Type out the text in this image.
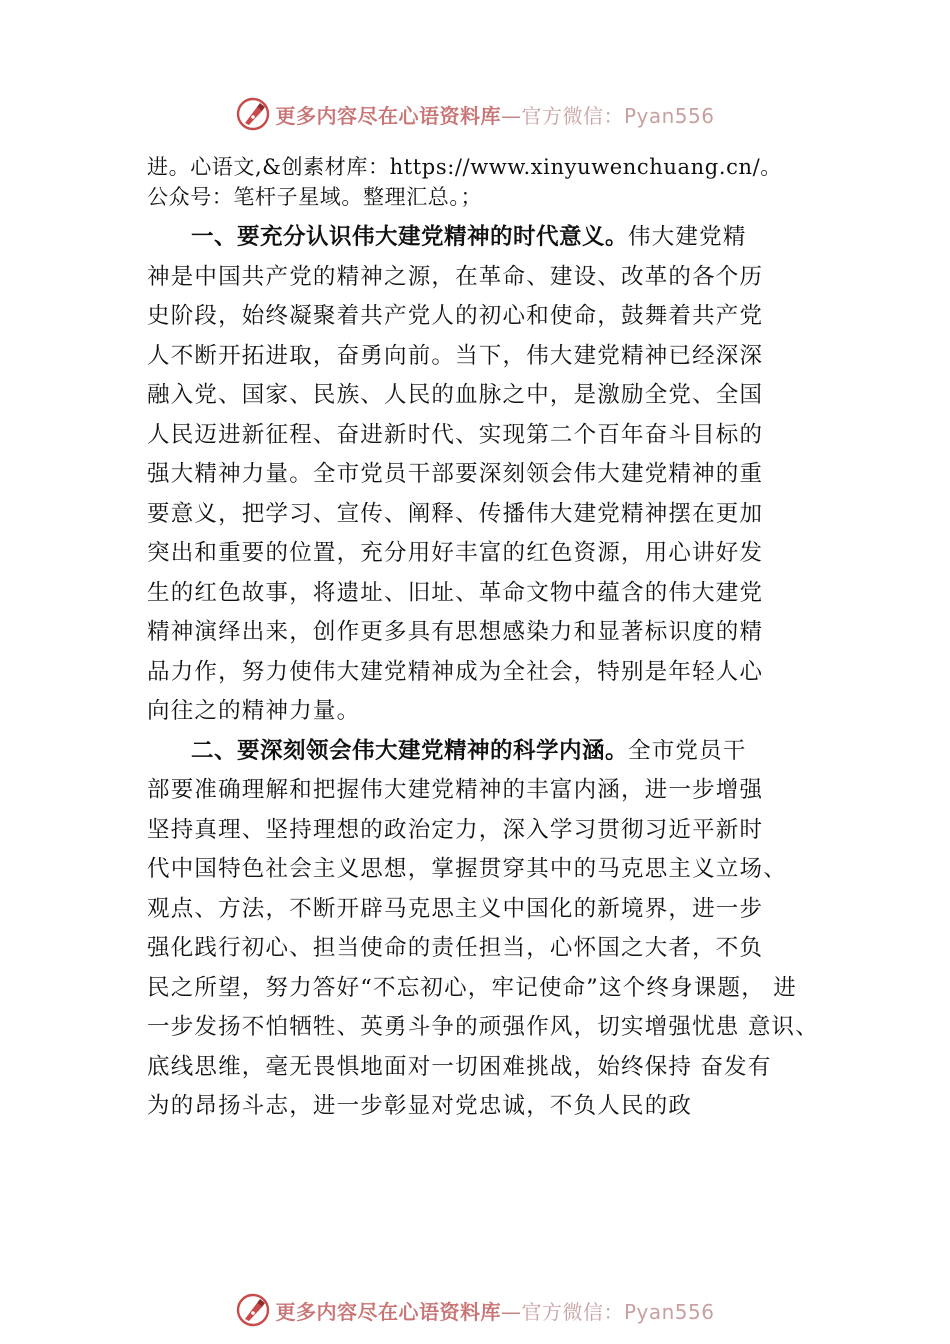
更多内容尽在心语资料库—官方微信：Pyan556
进。心语文,&创素材库：https://www.xinyuwenchuang.cn/。
公众号：笔杆子星域。整理汇总。；
一、要充分认识伟大建党精神的时代意义。伟大建党精
神是中国共产党的精神之源，在革命、建设、改革的各个历
史阶段，始终凝聚着共产党人的初心和使命，鼓舞着共产党
人不断开拓进取，奋勇向前。当下，伟大建党精神已经深深
融入党、国家、民族、人民的血脉之中，是激励全党、全国
人民迈进新征程、奋进新时代、实现第二个百年奋斗目标的
强大精神力量。全市党员干部要深刻领会伟大建党精神的重
要意义，把学习、宣传、阐释、传播伟大建党精神摆在更加
突出和重要的位置，充分用好丰富的红色资源，用心讲好发
生的红色故事，将遗址、旧址、革命文物中蕴含的伟大建党
精神演绎出来，创作更多具有思想感染力和显著标识度的精
品力作，努力使伟大建党精神成为全社会，特别是年轻人心
向往之的精神力量。
二、要深刻领会伟大建党精神的科学内涵。全市党员干
部要准确理解和把握伟大建党精神的丰富内涵，进一步增强
坚持真理、坚持理想的政治定力，深入学习贯彻习近平新时
代中国特色社会主义思想，掌握贯穿其中的马克思主义立场、
观点、方法，不断开辟马克思主义中国化的新境界，进一步
强化践行初心、担当使命的责任担当，心怀国之大者，不负
民之所望，努力答好“不忘初心，牢记使命”这个终身课题， 进
一步发扬不怕牺牲、英勇斗争的顽强作风，切实增强忧患 意识、
底线思维，毫无畏惧地面对一切困难挑战，始终保持 奋发有
为的昂扬斗志，进一步彰显对党忠诚，不负人民的政
更多内容尽在心语资料库—官方微信：Pyan556
